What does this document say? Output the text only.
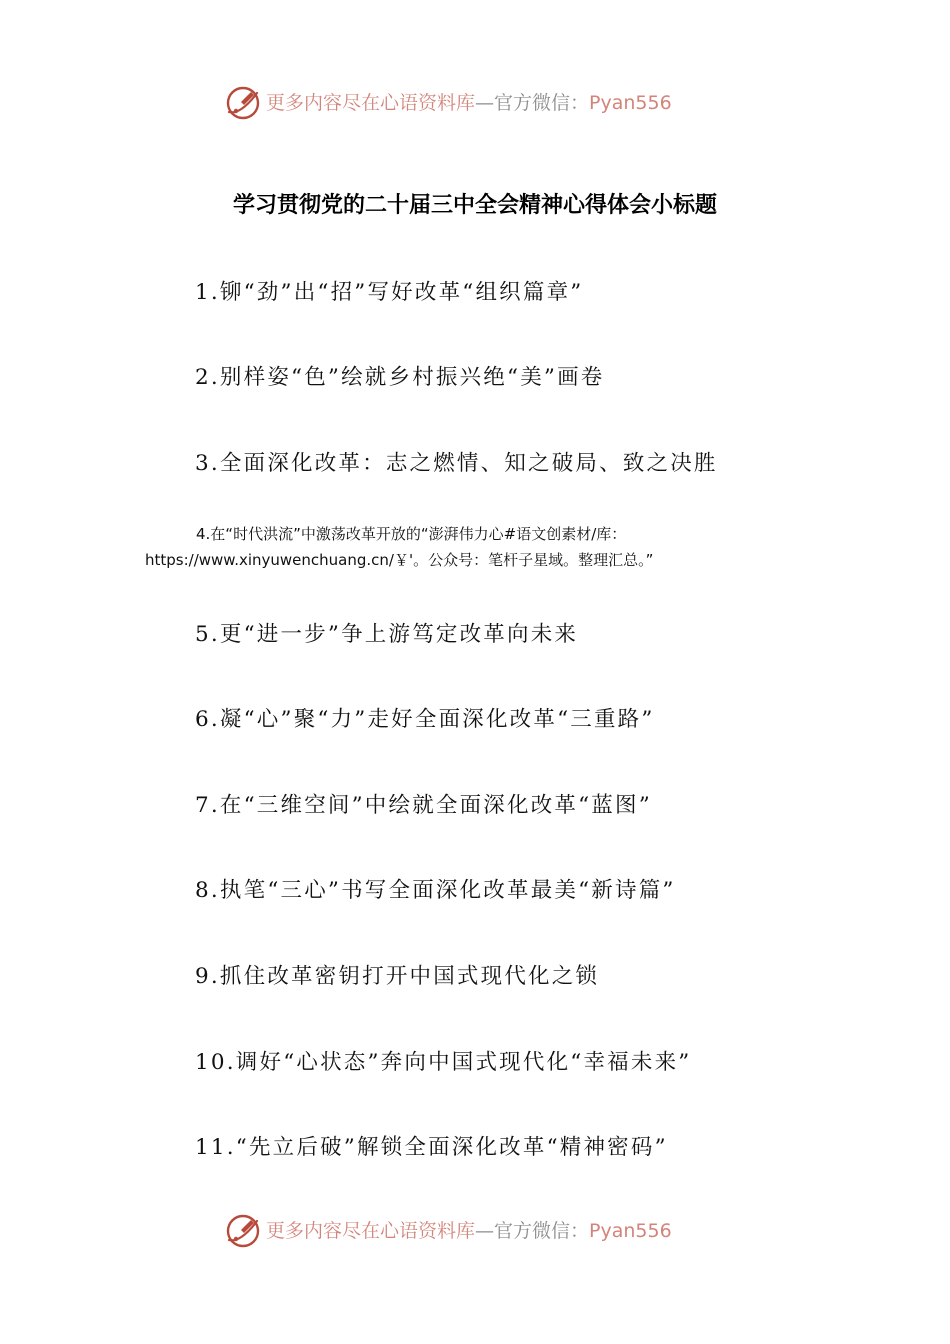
更多内容尽在心语资料库—官方微信：Pyan556
学习贯彻党的二十届三中全会精神心得体会小标题
1.铆“劲”出“招”写好改革“组织篇章”
2.别样姿“色”绘就乡村振兴绝“美”画卷
3.全面深化改革：志之燃情、知之破局、致之决胜
4.在“时代洪流”中激荡改革开放的“澎湃伟力心#语文创素材/库：
https://www.xinyuwenchuang.cn/￥'。公众号：笔杆子星域。整理汇总。”
5.更“进一步”争上游笃定改革向未来
6.凝“心”聚“力”走好全面深化改革“三重路”
7.在“三维空间”中绘就全面深化改革“蓝图”
8.执笔“三心”书写全面深化改革最美“新诗篇”
9.抓住改革密钥打开中国式现代化之锁
10.调好“心状态”奔向中国式现代化“幸福未来”
11.“先立后破”解锁全面深化改革“精神密码”
更多内容尽在心语资料库—官方微信：Pyan556
